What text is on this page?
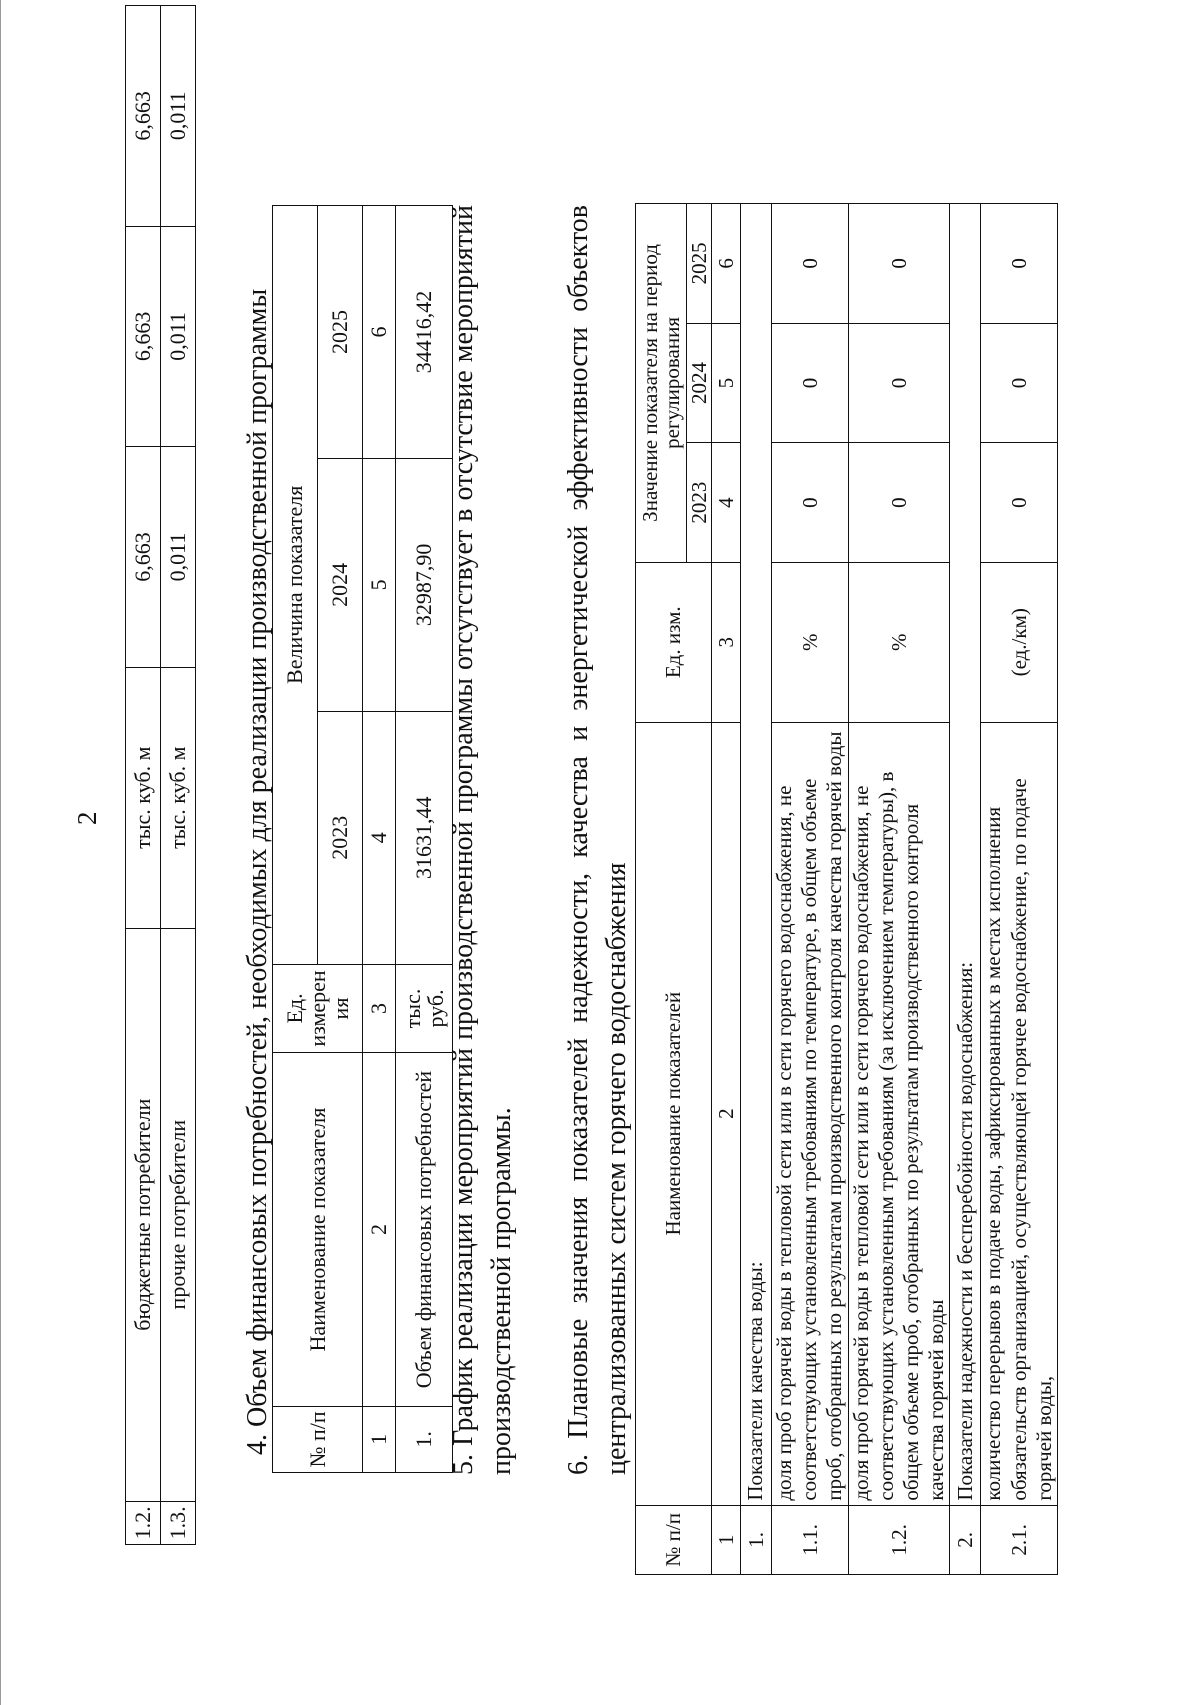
2
1.2.	бюджетные потребители	тыс. куб. м	6,663	6,663	6,663
1.3.	прочие потребители	тыс. куб. м	0,011	0,011	0,011
4. Объем финансовых потребностей, необходимых для реализации производственной программы № п/п	Наименование показателя	Ед. измерен ия	Величина показателя		
			2023	2024	2025
1	2	3	4	5	6
1.	Объем финансовых потребностей	тыс. руб.	31631,44	32987,90	34416,42 5. График реализации мероприятий производственной программы отсутствует в отсутствие мероприятий производственной программы. 6. Плановые значения показателей надежности, качества и энергетической эффективности объектов централизованных систем горячего водоснабжения
№ п/п	Наименование показателей	Ед. изм.	Значение показателя на период регулирования		
			2023	2024	2025
1	2	3	4	5	6
1.	Показатели качества воды:				
1.1.	доля проб горячей воды в тепловой сети или в сети горячего водоснабжения, не соответствующих установленным требованиям по температуре, в общем объеме проб, отобранных по результатам производственного контроля качества горячей воды	%	0	0	0
1.2.	доля проб горячей воды в тепловой сети или в сети горячего водоснабжения, не соответствующих установленным требованиям (за исключением температуры), в общем объеме проб, отобранных по результатам производственного контроля качества горячей воды	%	0	0	0
2.	Показатели надежности и бесперебойности водоснабжения:				
2.1.	количество перерывов в подаче воды, зафиксированных в местах исполнения обязательств организацией, осуществляющей горячее водоснабжение, по подаче горячей воды,	(ед./км)	0	0	0
